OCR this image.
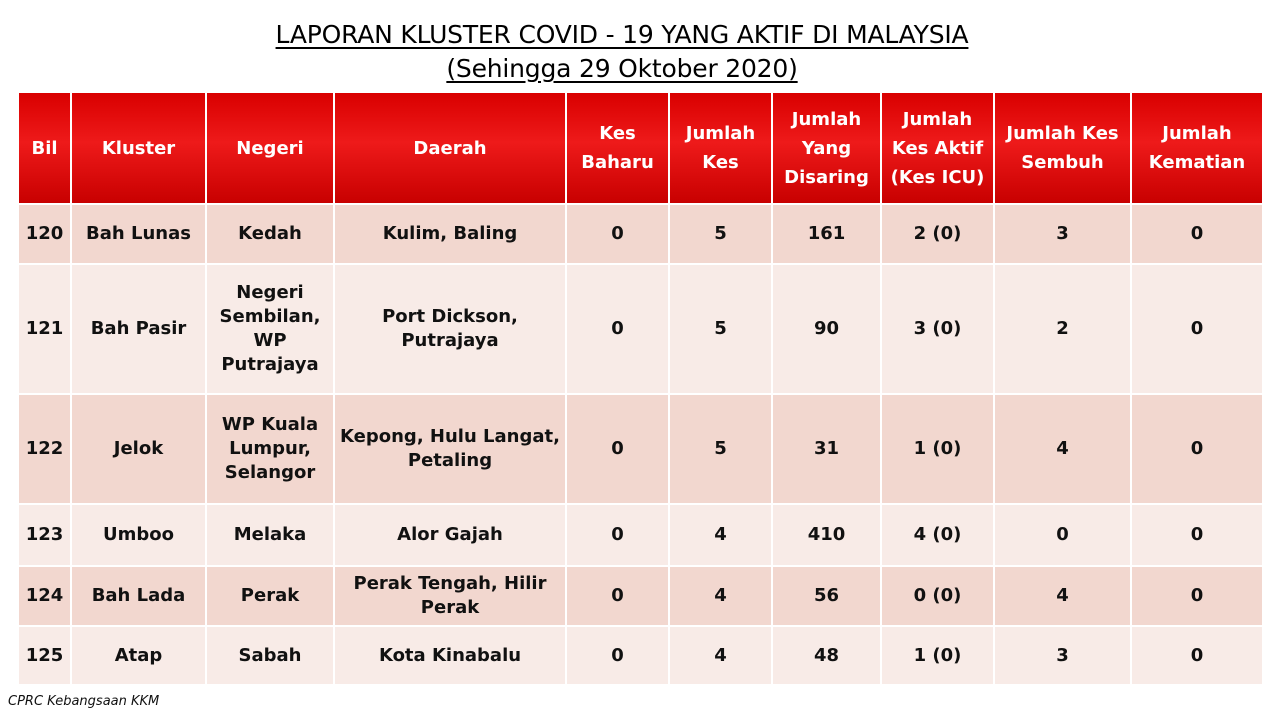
LAPORAN KLUSTER COVID - 19 YANG AKTIF DI MALAYSIA
(Sehingga 29 Oktober 2020)
Bil	Kluster	Negeri	Daerah	Kes Baharu	Jumlah Kes	Jumlah Yang Disaring	Jumlah Kes Aktif (Kes ICU)	Jumlah Kes Sembuh	Jumlah Kematian
120	Bah Lunas	Kedah	Kulim, Baling	0	5	161	2 (0)	3	0
121	Bah Pasir	Negeri Sembilan, WP Putrajaya	Port Dickson, Putrajaya	0	5	90	3 (0)	2	0
122	Jelok	WP Kuala Lumpur, Selangor	Kepong, Hulu Langat, Petaling	0	5	31	1 (0)	4	0
123	Umboo	Melaka	Alor Gajah	0	4	410	4 (0)	0	0
124	Bah Lada	Perak	Perak Tengah, Hilir Perak	0	4	56	0 (0)	4	0
125	Atap	Sabah	Kota Kinabalu	0	4	48	1 (0)	3	0
CPRC Kebangsaan KKM
